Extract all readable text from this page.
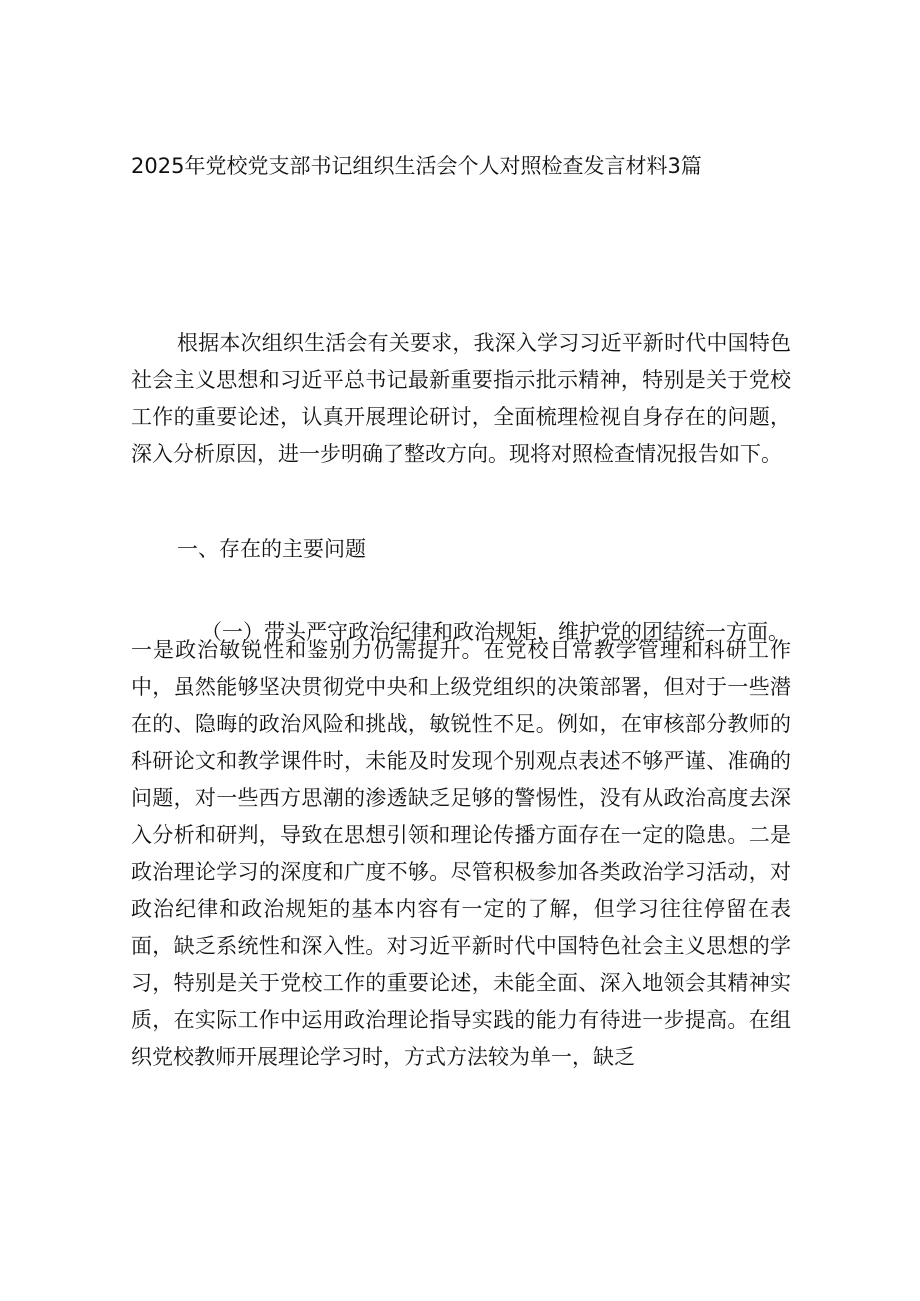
2025年党校党支部书记组织生活会个人对照检查发言材料3篇

根据本次组织生活会有关要求，我深入学习习近平新时代中国特色社会主义思想和习近平总书记最新重要指示批示精神，特别是关于党校工作的重要论述，认真开展理论研讨，全面梳理检视自身存在的问题，深入分析原因，进一步明确了整改方向。现将对照检查情况报告如下。

一、存在的主要问题

（一）带头严守政治纪律和政治规矩，维护党的团结统一方面。

一是政治敏锐性和鉴别力仍需提升。在党校日常教学管理和科研工作中，虽然能够坚决贯彻党中央和上级党组织的决策部署，但对于一些潜在的、隐晦的政治风险和挑战，敏锐性不足。例如，在审核部分教师的科研论文和教学课件时，未能及时发现个别观点表述不够严谨、准确的问题，对一些西方思潮的渗透缺乏足够的警惕性，没有从政治高度去深入分析和研判，导致在思想引领和理论传播方面存在一定的隐患。二是政治理论学习的深度和广度不够。尽管积极参加各类政治学习活动，对政治纪律和政治规矩的基本内容有一定的了解，但学习往往停留在表面，缺乏系统性和深入性。对习近平新时代中国特色社会主义思想的学习，特别是关于党校工作的重要论述，未能全面、深入地领会其精神实质，在实际工作中运用政治理论指导实践的能力有待进一步提高。在组织党校教师开展理论学习时，方式方法较为单一，缺乏
